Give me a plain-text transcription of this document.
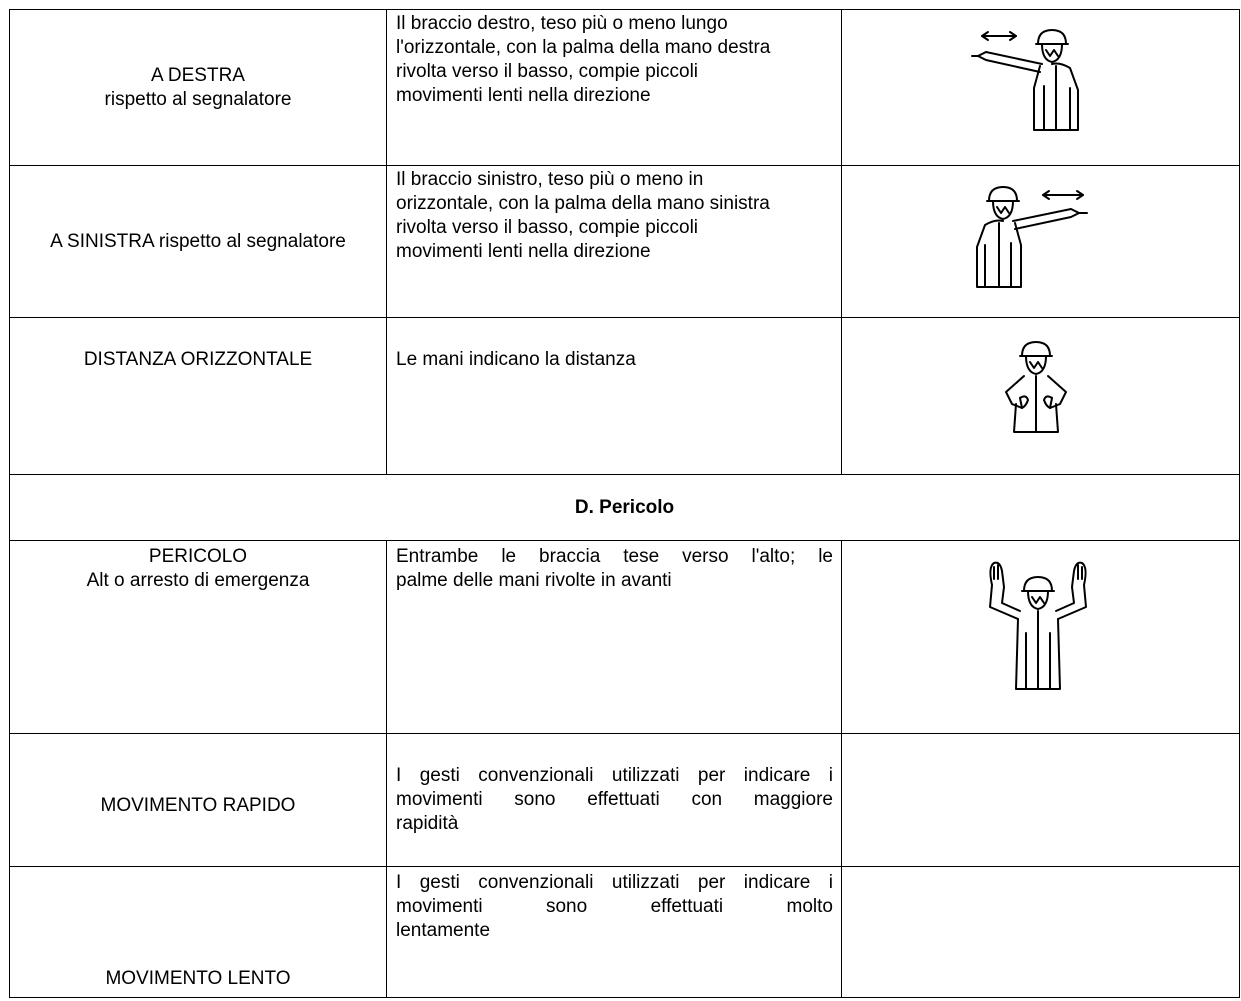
A DESTRA
rispetto al segnalatore	Il braccio destro, teso più o meno lungo
l'orizzontale, con la palma della mano destra
rivolta verso il basso, compie piccoli
movimenti lenti nella direzione

A SINISTRA rispetto al segnalatore	Il braccio sinistro, teso più o meno in
orizzontale, con la palma della mano sinistra
rivolta verso il basso, compie piccoli
movimenti lenti nella direzione

DISTANZA ORIZZONTALE	Le mani indicano la distanza

D. Pericolo		

PERICOLO
Alt o arresto di emergenza	Entrambe le braccia tese verso l'alto; le
palme delle mani rivolte in avanti

MOVIMENTO RAPIDO	I gesti convenzionali utilizzati per indicare i
movimenti sono effettuati con maggiore
rapidità	

MOVIMENTO LENTO	I gesti convenzionali utilizzati per indicare i
movimenti sono effettuati molto
lentamente	
